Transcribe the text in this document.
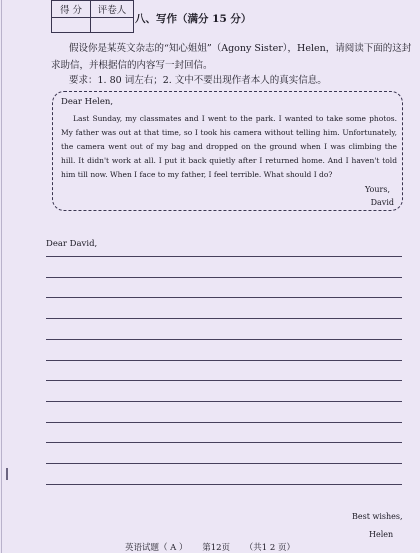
得 分	评卷人

八、写作（满分 15 分）
假设你是某英文杂志的“知心姐姐”（Agony Sister），Helen，请阅读下面的这封求助信，并根据信的内容写一封回信。
要求：1. 80 词左右；2. 文中不要出现作者本人的真实信息。
Dear Helen,
Last Sunday, my classmates and I went to the park. I wanted to take some photos. My father was out at that time, so I took his camera without telling him. Unfortunately, the camera went out of my bag and dropped on the ground when I was climbing the hill. It didn't work at all. I put it back quietly after I returned home. And I haven't told him till now. When I face to my father, I feel terrible. What should I do?
Yours,
David
Dear David,
Best wishes,
Helen
英语试题（ A ） 第12页 （共1 2 页）
